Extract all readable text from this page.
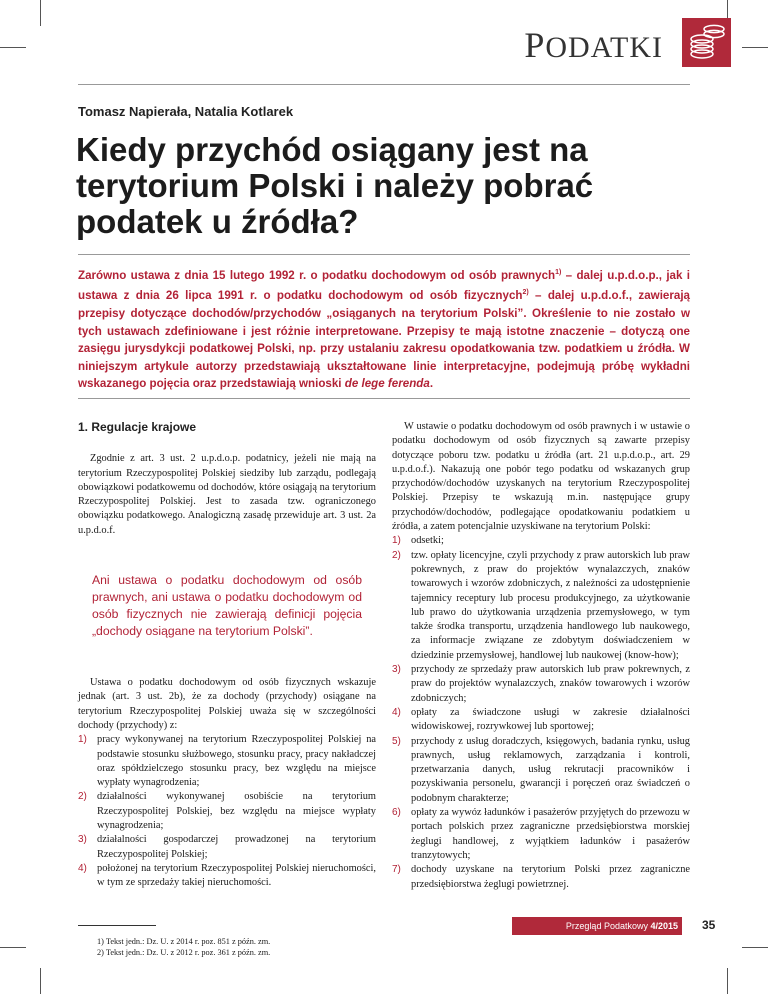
PODATKI
Tomasz Napierała, Natalia Kotlarek
Kiedy przychód osiągany jest na terytorium Polski i należy pobrać podatek u źródła?

Zarówno ustawa z dnia 15 lutego 1992 r. o podatku dochodowym od osób prawnych$^{1)}$ – dalej u.p.d.o.p., jak i ustawa z dnia 26 lipca 1991 r. o podatku dochodowym od osób fizycznych$^{2)}$ – dalej u.p.d.o.f., zawierają przepisy dotyczące dochodów/przychodów „osiąganych na terytorium Polski”. Określenie to nie zostało w tych ustawach zdefiniowane i jest różnie interpretowane. Przepisy te mają istotne znaczenie – dotyczą one zasięgu jurysdykcji podatkowej Polski, np. przy ustalaniu zakresu opodatkowania tzw. podatkiem u źródła. W niniejszym artykule autorzy przedstawiają ukształtowane linie interpretacyjne, podejmują próbę wykładni wskazanego pojęcia oraz przedstawiają wnioski de lege ferenda.

1. Regulacje krajowe

Zgodnie z art. 3 ust. 2 u.p.d.o.p. podatnicy, jeżeli nie mają na terytorium Rzeczypospolitej Polskiej siedziby lub zarządu, podlegają obowiązkowi podatkowemu od dochodów, które osiągają na terytorium Rzeczypospolitej Polskiej. Jest to zasada tzw. ograniczonego obowiązku podatkowego. Analogiczną zasadę przewiduje art. 3 ust. 2a u.p.d.o.f.

Ani ustawa o podatku dochodowym od osób prawnych, ani ustawa o podatku dochodowym od osób fizycznych nie zawierają definicji pojęcia „dochody osiągane na terytorium Polski”.

Ustawa o podatku dochodowym od osób fizycznych wskazuje jednak (art. 3 ust. 2b), że za dochody (przychody) osiągane na terytorium Rzeczypospolitej Polskiej uważa się w szczególności dochody (przychody) z:

1) pracy wykonywanej na terytorium Rzeczypospolitej Polskiej na podstawie stosunku służbowego, stosunku pracy, pracy nakładczej oraz spółdzielczego stosunku pracy, bez względu na miejsce wypłaty wynagrodzenia;
2) działalności wykonywanej osobiście na terytorium Rzeczypospolitej Polskiej, bez względu na miejsce wypłaty wynagrodzenia;
3) działalności gospodarczej prowadzonej na terytorium Rzeczypospolitej Polskiej;
4) położonej na terytorium Rzeczypospolitej Polskiej nieruchomości, w tym ze sprzedaży takiej nieruchomości.
1) Tekst jedn.: Dz. U. z 2014 r. poz. 851 z późn. zm.
2) Tekst jedn.: Dz. U. z 2012 r. poz. 361 z późn. zm.

W ustawie o podatku dochodowym od osób prawnych i w ustawie o podatku dochodowym od osób fizycznych są zawarte przepisy dotyczące poboru tzw. podatku u źródła (art. 21 u.p.d.o.p., art. 29 u.p.d.o.f.). Nakazują one pobór tego podatku od wskazanych grup przychodów/dochodów uzyskanych na terytorium Rzeczypospolitej Polskiej. Przepisy te wskazują m.in. następujące grupy przychodów/dochodów, podlegające opodatkowaniu podatkiem u źródła, a zatem potencjalnie uzyskiwane na terytorium Polski:

1) odsetki;
2) tzw. opłaty licencyjne, czyli przychody z praw autorskich lub praw pokrewnych, z praw do projektów wynalazczych, znaków towarowych i wzorów zdobniczych, z należności za udostępnienie tajemnicy receptury lub procesu produkcyjnego, za użytkowanie lub prawo do użytkowania urządzenia przemysłowego, w tym także środka transportu, urządzenia handlowego lub naukowego, za informacje związane ze zdobytym doświadczeniem w dziedzinie przemysłowej, handlowej lub naukowej (know-how);
3) przychody ze sprzedaży praw autorskich lub praw pokrewnych, z praw do projektów wynalazczych, znaków towarowych i wzorów zdobniczych;
4) opłaty za świadczone usługi w zakresie działalności widowiskowej, rozrywkowej lub sportowej;
5) przychody z usług doradczych, księgowych, badania rynku, usług prawnych, usług reklamowych, zarządzania i kontroli, przetwarzania danych, usług rekrutacji pracowników i pozyskiwania personelu, gwarancji i poręczeń oraz świadczeń o podobnym charakterze;
6) opłaty za wywóz ładunków i pasażerów przyjętych do przewozu w portach polskich przez zagraniczne przedsiębiorstwa morskiej żeglugi handlowej, z wyjątkiem ładunków i pasażerów tranzytowych;
7) dochody uzyskane na terytorium Polski przez zagraniczne przedsiębiorstwa żeglugi powietrznej.
Przegląd Podatkowy 4/2015 35
